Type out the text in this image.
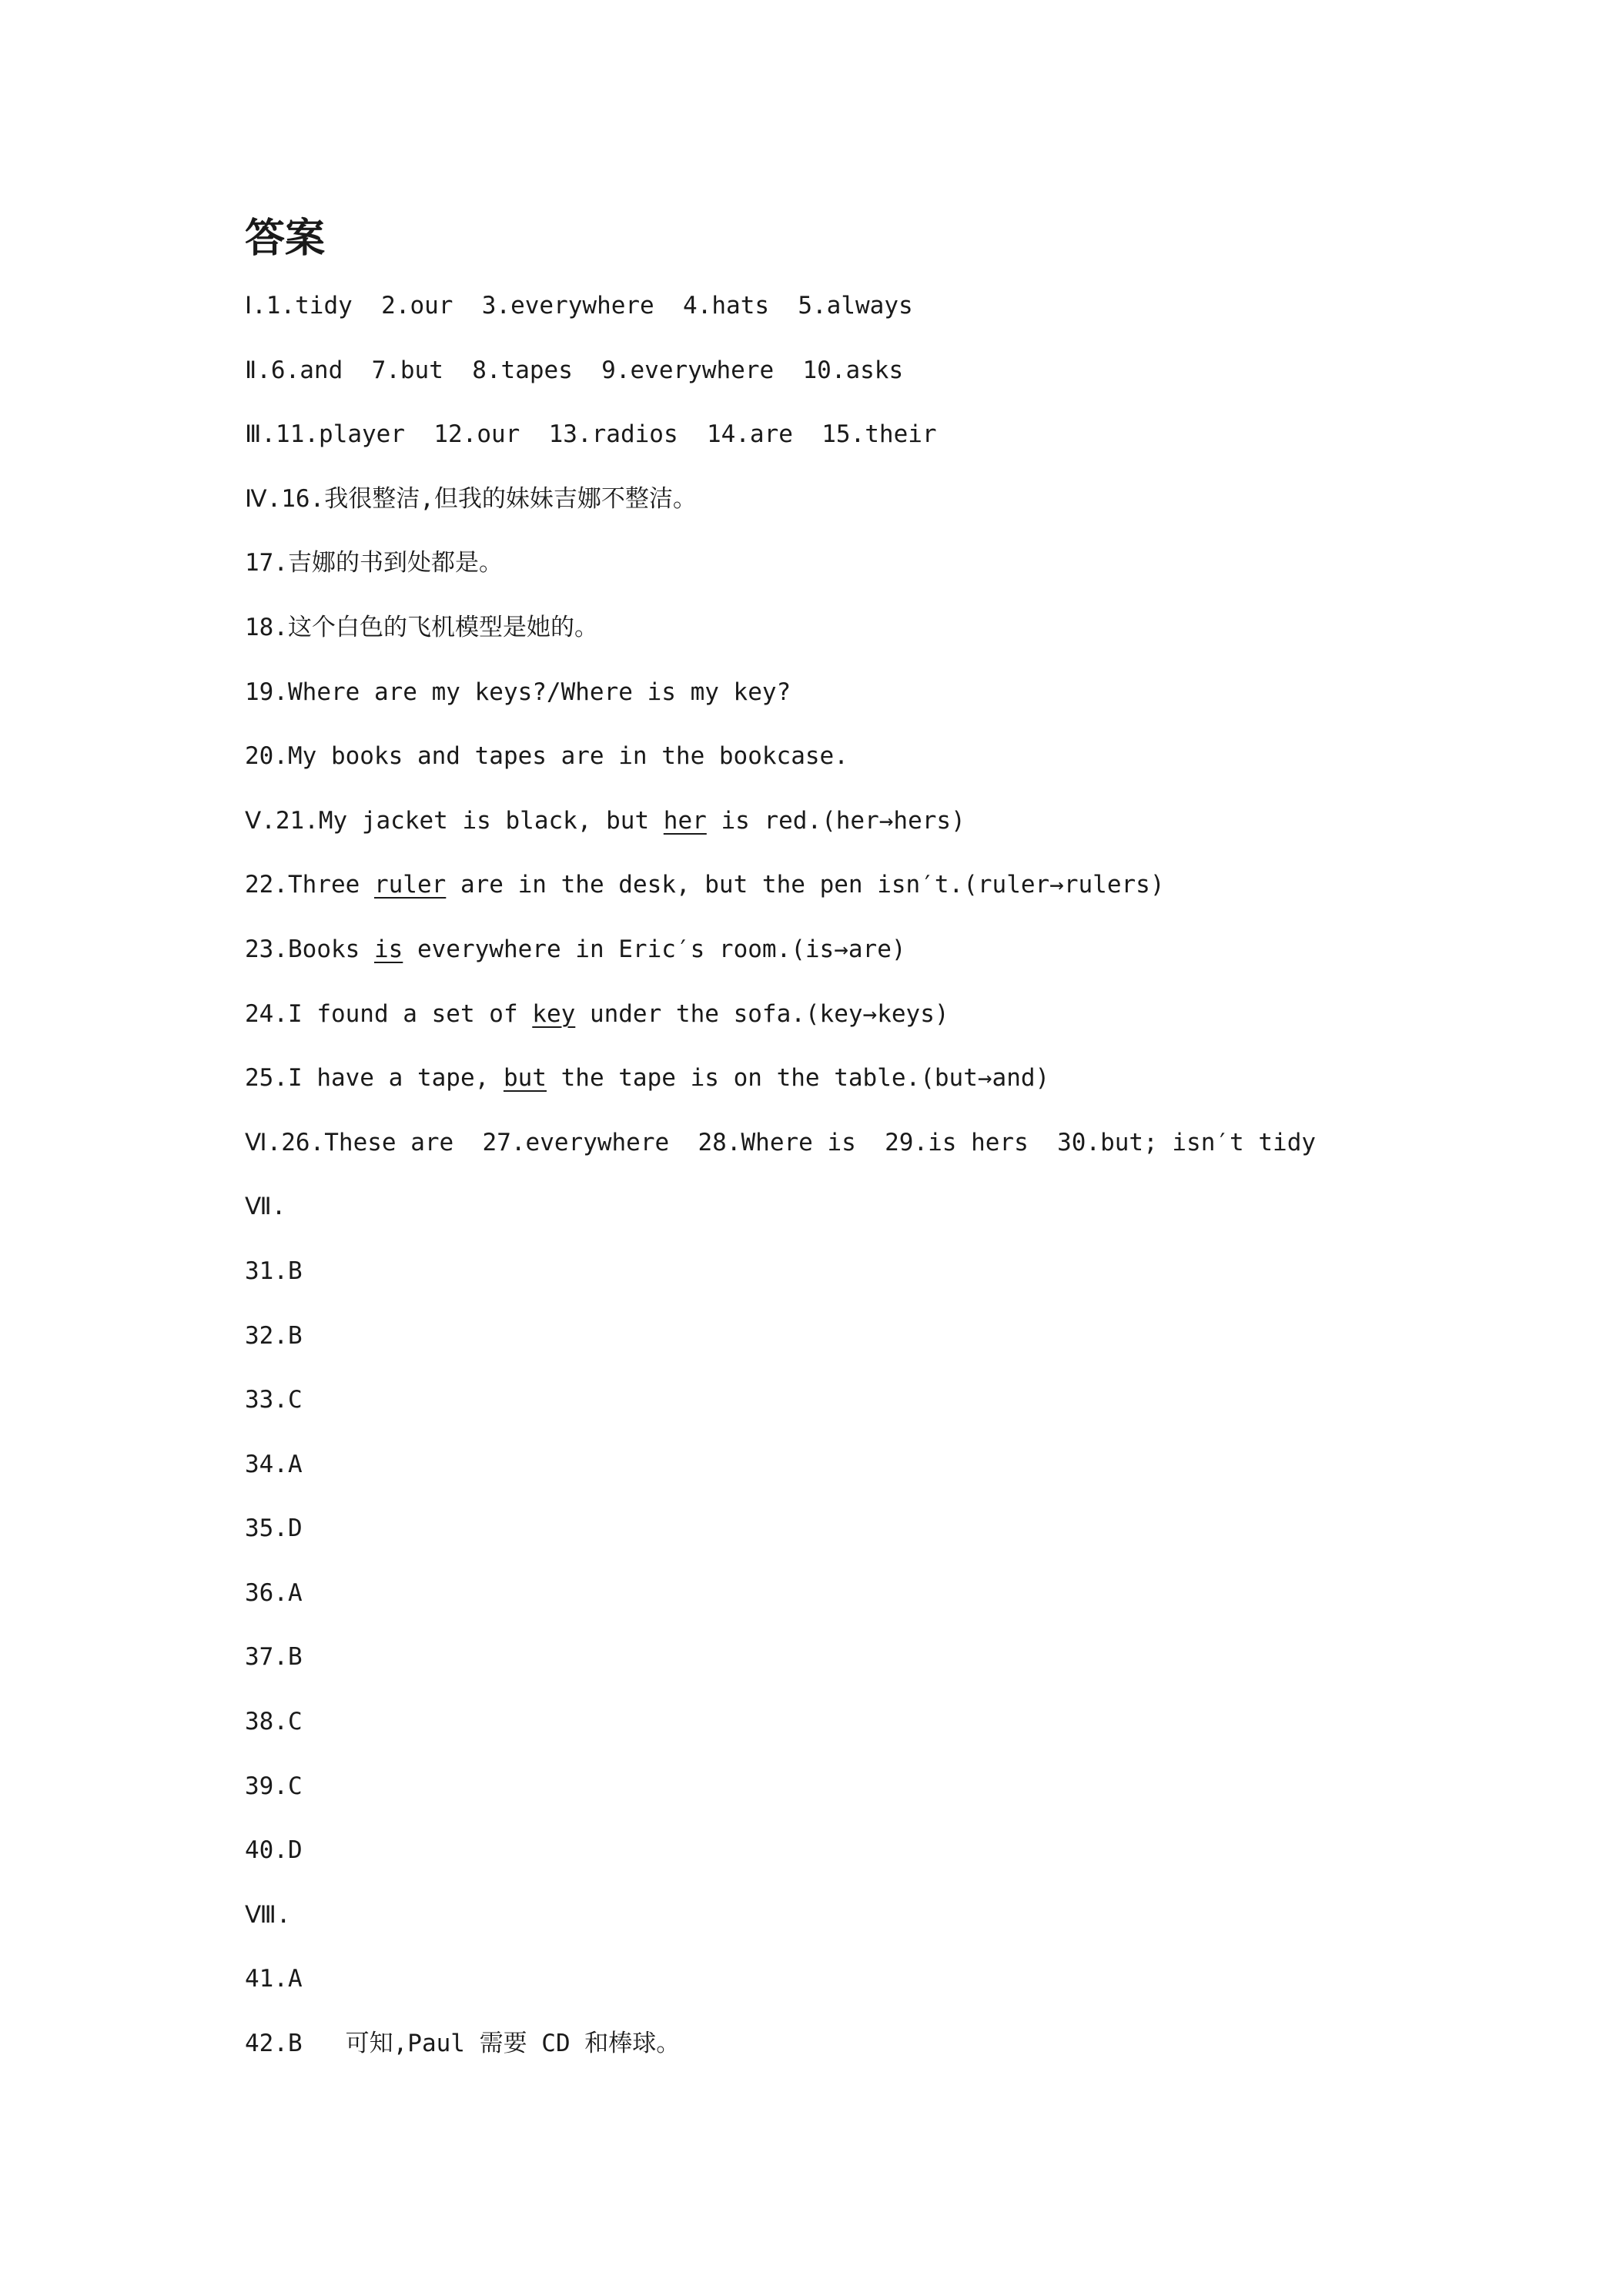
答案
Ⅰ.1.tidy  2.our  3.everywhere  4.hats  5.always
Ⅱ.6.and  7.but  8.tapes  9.everywhere  10.asks
Ⅲ.11.player  12.our  13.radios  14.are  15.their
Ⅳ.16.我很整洁,但我的妹妹吉娜不整洁。
17.吉娜的书到处都是。
18.这个白色的飞机模型是她的。
19.Where are my keys?/Where is my key?
20.My books and tapes are in the bookcase.
Ⅴ.21.My jacket is black, but her is red.(her→hers)
22.Three ruler are in the desk, but the pen isn′t.(ruler→rulers)
23.Books is everywhere in Eric′s room.(is→are)
24.I found a set of key under the sofa.(key→keys)
25.I have a tape, but the tape is on the table.(but→and)
Ⅵ.26.These are  27.everywhere  28.Where is  29.is hers  30.but; isn′t tidy
Ⅶ.
31.B
32.B
33.C
34.A
35.D
36.A
37.B
38.C
39.C
40.D
Ⅷ.
41.A
42.B   可知,Paul 需要 CD 和棒球。
